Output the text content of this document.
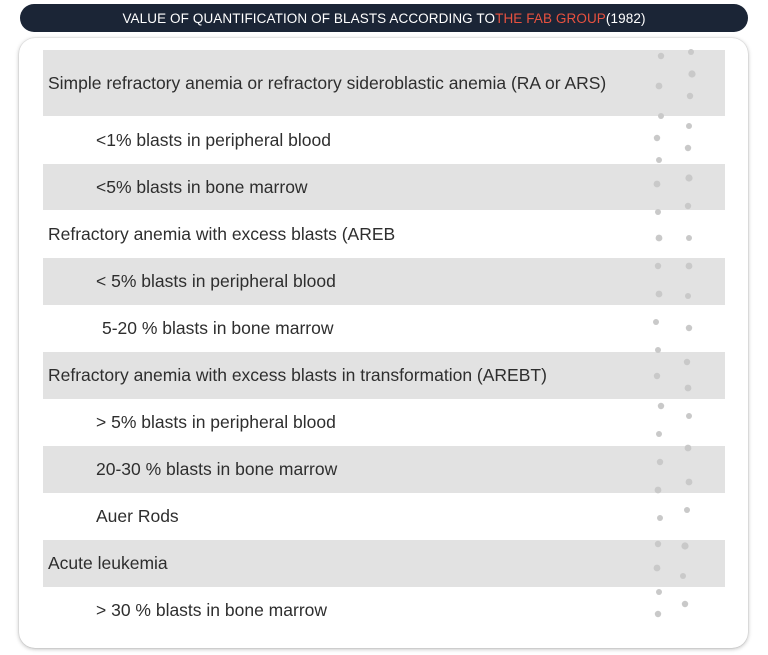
VALUE OF QUANTIFICATION OF BLASTS ACCORDING TO THE FAB GROUP (1982)
Simple refractory anemia or refractory sideroblastic anemia (RA or ARS)
<1% blasts in peripheral blood
<5% blasts in bone marrow
Refractory anemia with excess blasts (AREB
< 5% blasts in peripheral blood
5-20 % blasts in bone marrow
Refractory anemia with excess blasts in transformation (AREBT)
> 5% blasts in peripheral blood
20-30 % blasts in bone marrow
Auer Rods
Acute leukemia
> 30 % blasts in bone marrow
